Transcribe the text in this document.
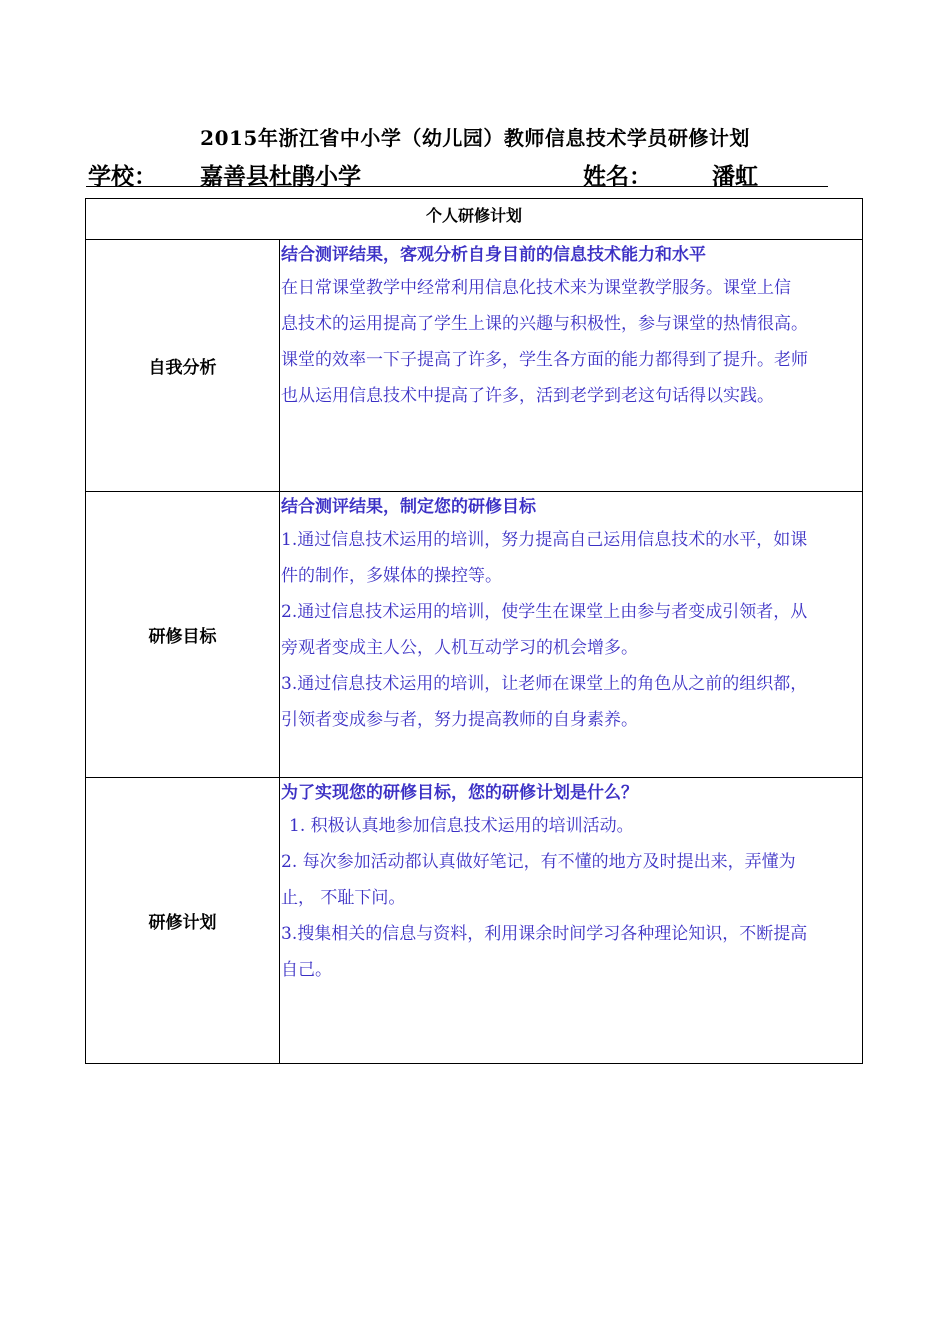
2015年浙江省中小学（幼儿园）教师信息技术学员研修计划
学校： 嘉善县杜鹃小学	姓名：	潘虹
个人研修计划
自我分析
结合测评结果，客观分析自身目前的信息技术能力和水平

在日常课堂教学中经常利用信息化技术来为课堂教学服务。课堂上信

息技术的运用提高了学生上课的兴趣与积极性，参与课堂的热情很高。

课堂的效率一下子提高了许多，学生各方面的能力都得到了提升。老师

也从运用信息技术中提高了许多，活到老学到老这句话得以实践。

研修目标
结合测评结果，制定您的研修目标

1.通过信息技术运用的培训，努力提高自己运用信息技术的水平，如课

件的制作，多媒体的操控等。

2.通过信息技术运用的培训，使学生在课堂上由参与者变成引领者，从

旁观者变成主人公，人机互动学习的机会增多。

3.通过信息技术运用的培训，让老师在课堂上的角色从之前的组织都，

引领者变成参与者，努力提高教师的自身素养。

研修计划
为了实现您的研修目标，您的研修计划是什么？

1. 积极认真地参加信息技术运用的培训活动。

2. 每次参加活动都认真做好笔记，有不懂的地方及时提出来，弄懂为

止， 不耻下问。

3.搜集相关的信息与资料，利用课余时间学习各种理论知识，不断提高

自己。
